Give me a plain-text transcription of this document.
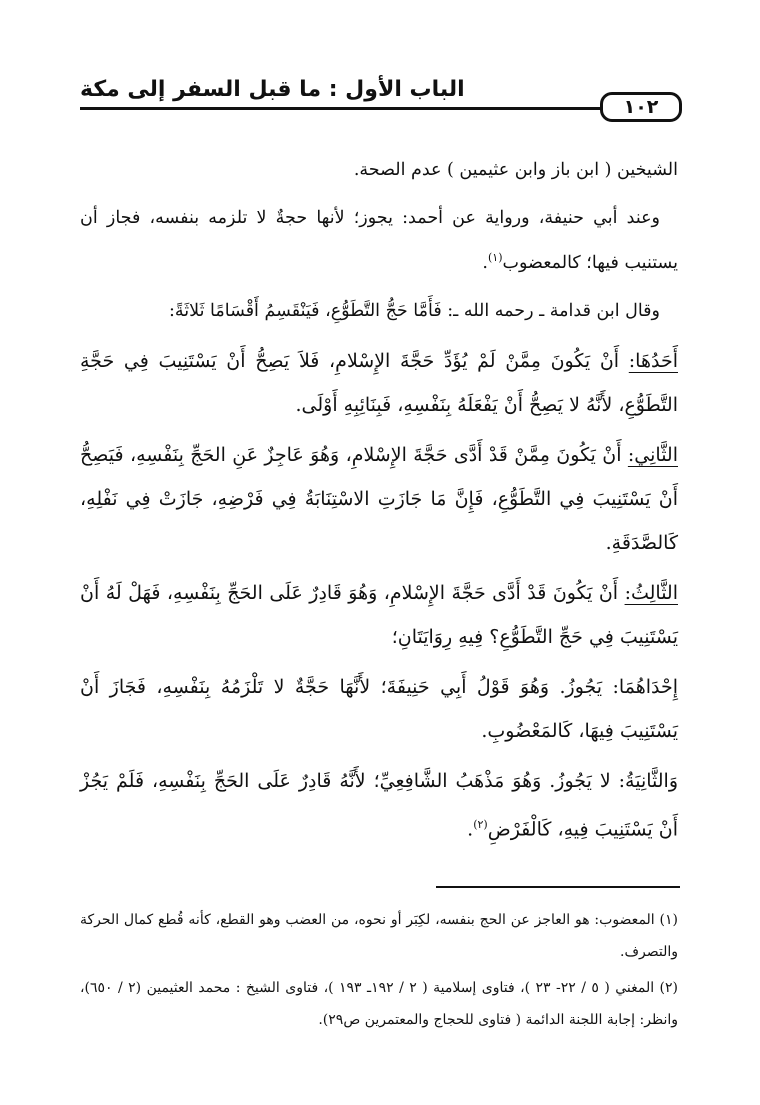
الباب الأول : ما قبل السفر إلى مكة
١٠٢

الشيخين ( ابن باز وابن عثيمين ) عدم الصحة.

وعند أبي حنيفة، ورواية عن أحمد: يجوز؛ لأنها حجةٌ لا تلزمه بنفسه، فجاز أن يستنيب فيها؛ كالمعضوب$^{(١)}$.

وقال ابن قدامة ـ رحمه الله ـ: فَأَمَّا حَجُّ التَّطَوُّعِ، فَيَنْقَسِمُ أَقْسَامًا ثَلاثَةً:

أَحَدُهَا: أَنْ يَكُونَ مِمَّنْ لَمْ يُؤَدِّ حَجَّةَ الإِسْلامِ، فَلاَ يَصِحُّ أَنْ يَسْتَنِيبَ فِي حَجَّةِ التَّطَوُّعِ، لأَنَّهُ لا يَصِحُّ أَنْ يَفْعَلَهُ بِنَفْسِهِ، فَبِنَائِبِهِ أَوْلَى.

الثَّانِي: أَنْ يَكُونَ مِمَّنْ قَدْ أَدَّى حَجَّةَ الإِسْلامِ، وَهُوَ عَاجِزٌ عَنِ الحَجِّ بِنَفْسِهِ، فَيَصِحُّ أَنْ يَسْتَنِيبَ فِي التَّطَوُّعِ، فَإِنَّ مَا جَازَتِ الاسْتِنَابَةُ فِي فَرْضِهِ، جَازَتْ فِي نَفْلِهِ، كَالصَّدَقَةِ.

الثَّالِثُ: أَنْ يَكُونَ قَدْ أَدَّى حَجَّةَ الإِسْلامِ، وَهُوَ قَادِرٌ عَلَى الحَجِّ بِنَفْسِهِ، فَهَلْ لَهُ أَنْ يَسْتَنِيبَ فِي حَجِّ التَّطَوُّعِ؟ فِيهِ رِوَايَتَانِ؛

إِحْدَاهُمَا: يَجُوزُ. وَهُوَ قَوْلُ أَبِي حَنِيفَةَ؛ لأَنَّهَا حَجَّةٌ لا تَلْزَمُهُ بِنَفْسِهِ، فَجَازَ أَنْ يَسْتَنِيبَ فِيهَا، كَالمَعْضُوبِ.

وَالثَّانِيَةُ: لا يَجُوزُ. وَهُوَ مَذْهَبُ الشَّافِعِيِّ؛ لأَنَّهُ قَادِرٌ عَلَى الحَجِّ بِنَفْسِهِ، فَلَمْ يَجُزْ أَنْ يَسْتَنِيبَ فِيهِ، كَالْفَرْضِ$^{(٢)}$.

(١) المعضوب: هو العاجز عن الحج بنفسه، لكِبَر أو نحوه، من العضب وهو القطع، كأنه قُطع كمال الحركة والتصرف.

(٢) المغني ( ٥ / ٢٢- ٢٣ )، فتاوى إسلامية ( ٢ / ١٩٢ـ ١٩٣ )، فتاوى الشيخ : محمد العثيمين (٢ / ٦٥٠)، وانظر: إجابة اللجنة الدائمة ( فتاوى للحجاج والمعتمرين ص٢٩).
